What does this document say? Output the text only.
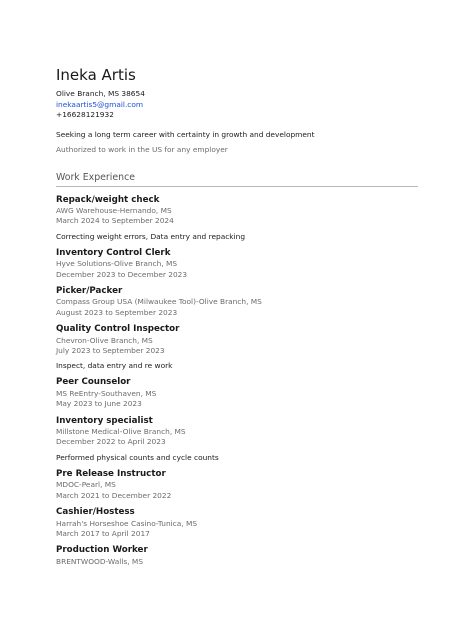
Ineka Artis
Olive Branch, MS 38654
inekaartis5@gmail.com
+16628121932
Seeking a long term career with certainty in growth and development
Authorized to work in the US for any employer
Work Experience
Repack/weight check
AWG Warehouse-Hernando, MS
March 2024 to September 2024
Correcting weight errors, Data entry and repacking
Inventory Control Clerk
Hyve Solutions-Olive Branch, MS
December 2023 to December 2023
Picker/Packer
Compass Group USA (Milwaukee Tool)-Olive Branch, MS
August 2023 to September 2023
Quality Control Inspector
Chevron-Olive Branch, MS
July 2023 to September 2023
Inspect, data entry and re work
Peer Counselor
MS ReEntry-Southaven, MS
May 2023 to June 2023
Inventory specialist
Millstone Medical-Olive Branch, MS
December 2022 to April 2023
Performed physical counts and cycle counts
Pre Release Instructor
MDOC-Pearl, MS
March 2021 to December 2022
Cashier/Hostess
Harrah's Horseshoe Casino-Tunica, MS
March 2017 to April 2017
Production Worker
BRENTWOOD-Walls, MS
